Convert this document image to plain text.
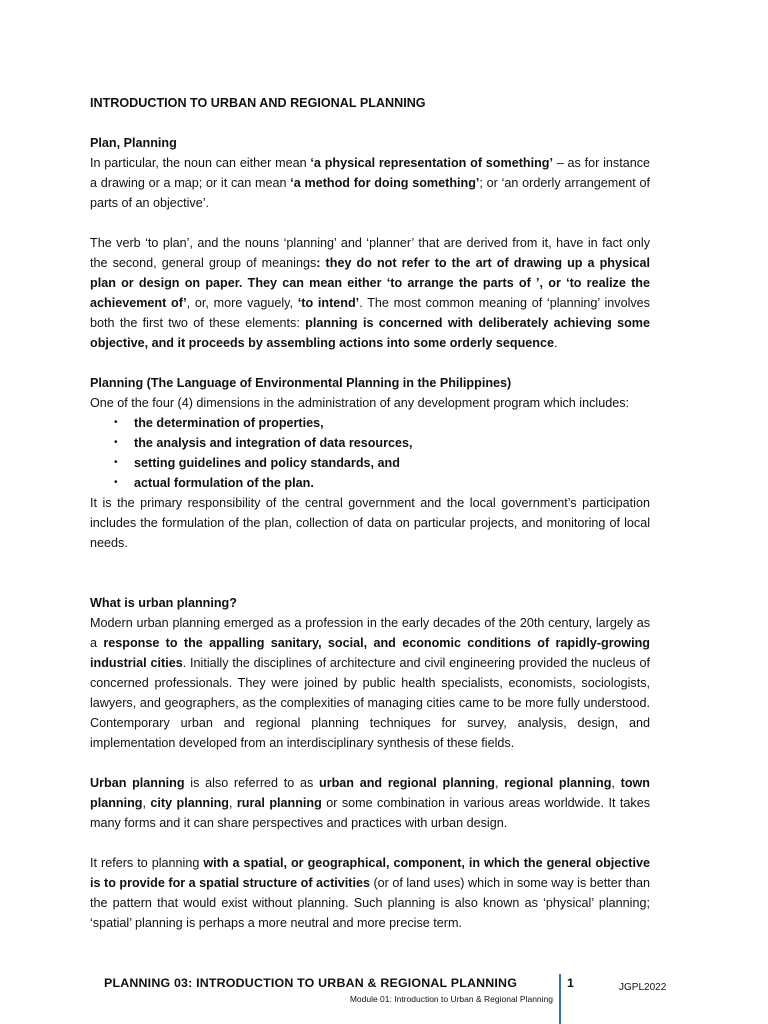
INTRODUCTION TO URBAN AND REGIONAL PLANNING

Plan, Planning

In particular, the noun can either mean ‘a physical representation of something’ – as for instance a drawing or a map; or it can mean ‘a method for doing something’; or ‘an orderly arrangement of parts of an objective’.

The verb ‘to plan’, and the nouns ‘planning’ and ‘planner’ that are derived from it, have in fact only the second, general group of meanings: they do not refer to the art of drawing up a physical plan or design on paper. They can mean either ‘to arrange the parts of ’, or ‘to realize the achievement of’, or, more vaguely, ‘to intend’. The most common meaning of ‘planning’ involves both the first two of these elements: planning is concerned with deliberately achieving some objective, and it proceeds by assembling actions into some orderly sequence.

Planning (The Language of Environmental Planning in the Philippines)

One of the four (4) dimensions in the administration of any development program which includes:

• the determination of properties,
• the analysis and integration of data resources,
• setting guidelines and policy standards, and
• actual formulation of the plan.

It is the primary responsibility of the central government and the local government’s participation includes the formulation of the plan, collection of data on particular projects, and monitoring of local needs.

What is urban planning?

Modern urban planning emerged as a profession in the early decades of the 20th century, largely as a response to the appalling sanitary, social, and economic conditions of rapidly-growing industrial cities. Initially the disciplines of architecture and civil engineering provided the nucleus of concerned professionals. They were joined by public health specialists, economists, sociologists, lawyers, and geographers, as the complexities of managing cities came to be more fully understood. Contemporary urban and regional planning techniques for survey, analysis, design, and implementation developed from an interdisciplinary synthesis of these fields.

Urban planning is also referred to as urban and regional planning, regional planning, town planning, city planning, rural planning or some combination in various areas worldwide. It takes many forms and it can share perspectives and practices with urban design.

It refers to planning with a spatial, or geographical, component, in which the general objective is to provide for a spatial structure of activities (or of land uses) which in some way is better than the pattern that would exist without planning. Such planning is also known as ‘physical’ planning; ‘spatial’ planning is perhaps a more neutral and more precise term.

PLANNING 03: INTRODUCTION TO URBAN & REGIONAL PLANNING
Module 01: Introduction to Urban & Regional Planning
1	JGPL2022
